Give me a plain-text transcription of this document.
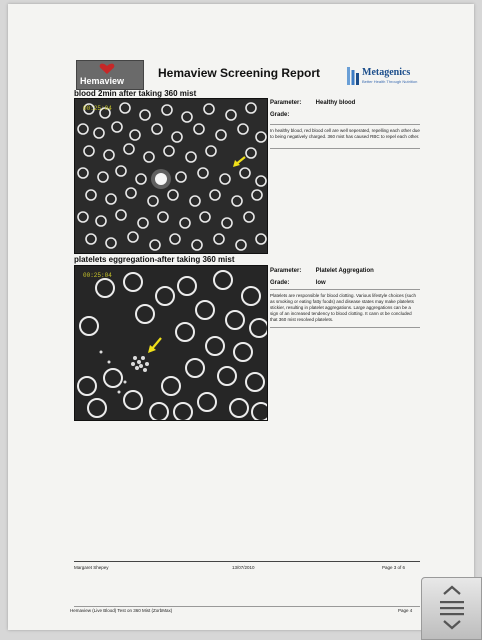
Hemaview
Hemaview Screening Report	Metagenics
Better Health Through Nutrition
blood 2min after taking 360 mist
00:25:04
Parameter: Healthy blood
Grade:
In healthy blood, red blood cell are well seperated, repelling each other due to being negatively charged. 360 mist has caused RBC to repel each other.
platelets eggregation-after taking 360 mist
00:25:04
Parameter: Platelet Aggregation
Grade:	low
Platelets are responsible for blood clotting. Various lifestyle choices (such as smoking or eating fatty foods) and disease states may make platelets stickier, resulting in platelet aggregations. Large aggregations can be a sign of an increased tendency to blood clotting. It cann ot be concluded that 360 mist resolved platelets.
Margaret Shepey	13/07/2010	Page 3 of 6
Hemaview (Live Blood) Test on 360 Mist (ZorbMax)	Page 4
